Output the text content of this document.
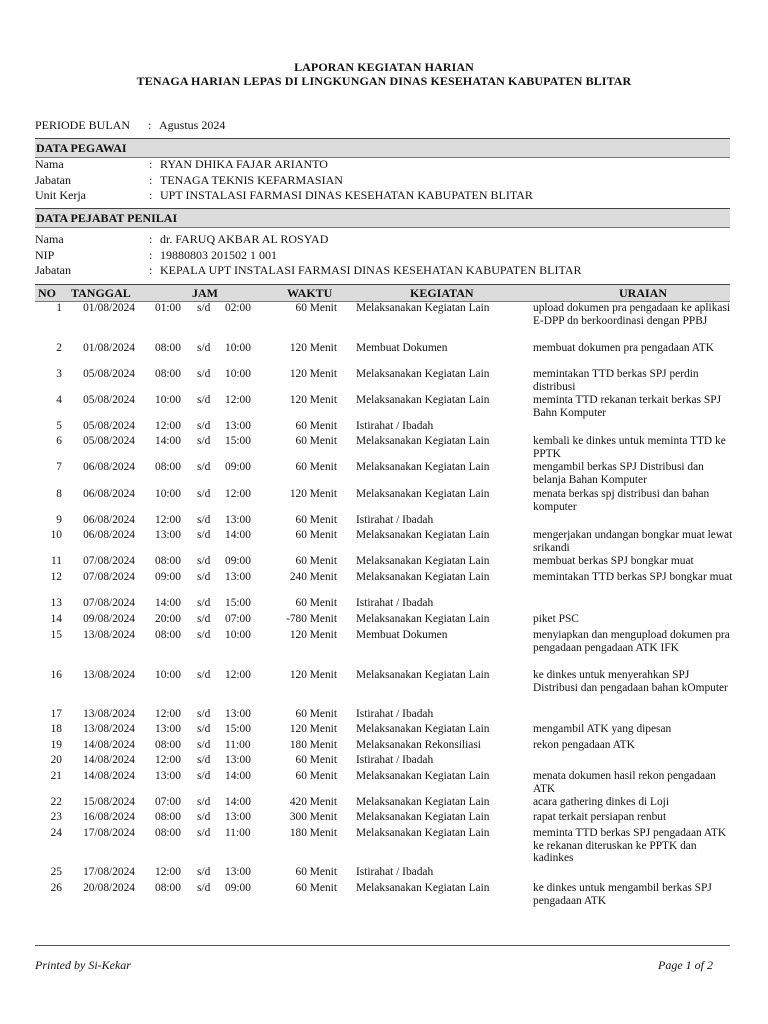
LAPORAN KEGIATAN HARIAN
TENAGA HARIAN LEPAS DI LINGKUNGAN DINAS KESEHATAN KABUPATEN BLITAR
PERIODE BULAN : Agustus 2024
DATA PEGAWAI
Nama	: RYAN DHIKA FAJAR ARIANTO
Jabatan	: TENAGA TEKNIS KEFARMASIAN
Unit Kerja	: UPT INSTALASI FARMASI DINAS KESEHATAN KABUPATEN BLITAR
DATA PEJABAT PENILAI
Nama	: dr. FARUQ AKBAR AL ROSYAD
NIP	: 19880803 201502 1 001
Jabatan	: KEPALA UPT INSTALASI FARMASI DINAS KESEHATAN KABUPATEN BLITAR
NO TANGGAL	JAM	WAKTU	KEGIATAN	URAIAN
1	01/08/2024 01:00 s/d 02:00	60 Menit Melaksanakan Kegiatan Lain	upload dokumen pra pengadaan ke aplikasi E-DPP dn berkoordinasi dengan PPBJ
2	01/08/2024 08:00 s/d 10:00	120 Menit Membuat Dokumen	membuat dokumen pra pengadaan ATK
3	05/08/2024 08:00 s/d 10:00	120 Menit Melaksanakan Kegiatan Lain	memintakan TTD berkas SPJ perdin distribusi
4	05/08/2024 10:00 s/d 12:00	120 Menit Melaksanakan Kegiatan Lain	meminta TTD rekanan terkait berkas SPJ Bahn Komputer
5	05/08/2024 12:00 s/d 13:00	60 Menit Istirahat / Ibadah
6	05/08/2024 14:00 s/d 15:00	60 Menit Melaksanakan Kegiatan Lain	kembali ke dinkes untuk meminta TTD ke PPTK
7	06/08/2024 08:00 s/d 09:00	60 Menit Melaksanakan Kegiatan Lain	mengambil berkas SPJ Distribusi dan belanja Bahan Komputer
8	06/08/2024 10:00 s/d 12:00	120 Menit Melaksanakan Kegiatan Lain	menata berkas spj distribusi dan bahan komputer
9	06/08/2024 12:00 s/d 13:00	60 Menit Istirahat / Ibadah
10	06/08/2024 13:00 s/d 14:00	60 Menit Melaksanakan Kegiatan Lain	mengerjakan undangan bongkar muat lewat srikandi
11	07/08/2024 08:00 s/d 09:00	60 Menit Melaksanakan Kegiatan Lain	membuat berkas SPJ bongkar muat
12	07/08/2024 09:00 s/d 13:00	240 Menit Melaksanakan Kegiatan Lain	memintakan TTD berkas SPJ bongkar muat
13	07/08/2024 14:00 s/d 15:00	60 Menit Istirahat / Ibadah
14	09/08/2024 20:00 s/d 07:00	-780 Menit Melaksanakan Kegiatan Lain	piket PSC
15	13/08/2024 08:00 s/d 10:00	120 Menit Membuat Dokumen	menyiapkan dan mengupload dokumen pra pengadaan pengadaan ATK IFK
16	13/08/2024 10:00 s/d 12:00	120 Menit Melaksanakan Kegiatan Lain	ke dinkes untuk menyerahkan SPJ Distribusi dan pengadaan bahan kOmputer
17	13/08/2024 12:00 s/d 13:00	60 Menit Istirahat / Ibadah
18	13/08/2024 13:00 s/d 15:00	120 Menit Melaksanakan Kegiatan Lain	mengambil ATK yang dipesan
19	14/08/2024 08:00 s/d 11:00	180 Menit Melaksanakan Rekonsiliasi	rekon pengadaan ATK
20	14/08/2024 12:00 s/d 13:00	60 Menit Istirahat / Ibadah
21	14/08/2024 13:00 s/d 14:00	60 Menit Melaksanakan Kegiatan Lain	menata dokumen hasil rekon pengadaan ATK
22	15/08/2024 07:00 s/d 14:00	420 Menit Melaksanakan Kegiatan Lain	acara gathering dinkes di Loji
23	16/08/2024 08:00 s/d 13:00	300 Menit Melaksanakan Kegiatan Lain	rapat terkait persiapan renbut
24	17/08/2024 08:00 s/d 11:00	180 Menit Melaksanakan Kegiatan Lain	meminta TTD berkas SPJ pengadaan ATK ke rekanan diteruskan ke PPTK dan kadinkes
25	17/08/2024 12:00 s/d 13:00	60 Menit Istirahat / Ibadah
26	20/08/2024 08:00 s/d 09:00	60 Menit Melaksanakan Kegiatan Lain	ke dinkes untuk mengambil berkas SPJ pengadaan ATK
Printed by Si-Kekar	Page 1 of 2
